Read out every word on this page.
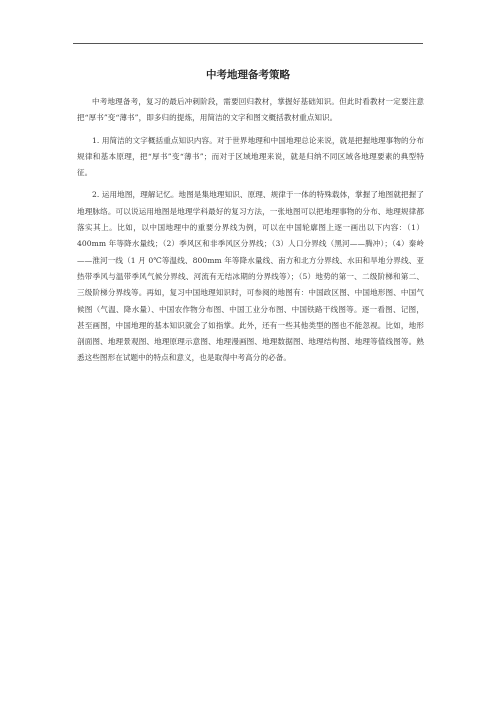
中考地理备考策略

中考地理备考，复习的最后冲刺阶段，需要回归教材，掌握好基础知识。但此时看教材一定要注意把“厚书”变“薄书”，即多归的提炼，用简洁的文字和图文概括教材重点知识。

1. 用简洁的文字概括重点知识内容。对于世界地理和中国地理总论来说，就是把握地理事物的分布规律和基本原理，把“厚书”变“薄书”；而对于区域地理来说，就是归纳不同区域各地理要素的典型特征。

2. 运用地图，理解记忆。地图是集地理知识、原理、规律于一体的特殊载体，掌握了地图就把握了地理脉络。可以说运用地图是地理学科最好的复习方法，一张地图可以把地理事物的分布、地理规律都落实其上。比如，以中国地理中的重要分界线为例，可以在中国轮廓图上逐一画出以下内容：（1）400mm 年等降水量线；（2）季风区和非季风区分界线；（3）人口分界线（黑河——腾冲）；（4）秦岭——淮河一线（1 月 0℃等温线、800mm 年等降水量线、南方和北方分界线、水田和旱地分界线、亚热带季风与温带季风气候分界线、河流有无结冰期的分界线等）；（5）地势的第一、二级阶梯和第二、三级阶梯分界线等。再如，复习中国地理知识时，可参阅的地图有：中国政区图、中国地形图、中国气候图（气温、降水量）、中国农作物分布图、中国工业分布图、中国铁路干线图等。逐一看图、记图，甚至画图，中国地理的基本知识就会了如指掌。此外，还有一些其他类型的图也不能忽视。比如，地形剖面图、地理景观图、地理原理示意图、地理漫画图、地理数据图、地理结构图、地理等值线图等。熟悉这些图形在试题中的特点和意义，也是取得中考高分的必备。
